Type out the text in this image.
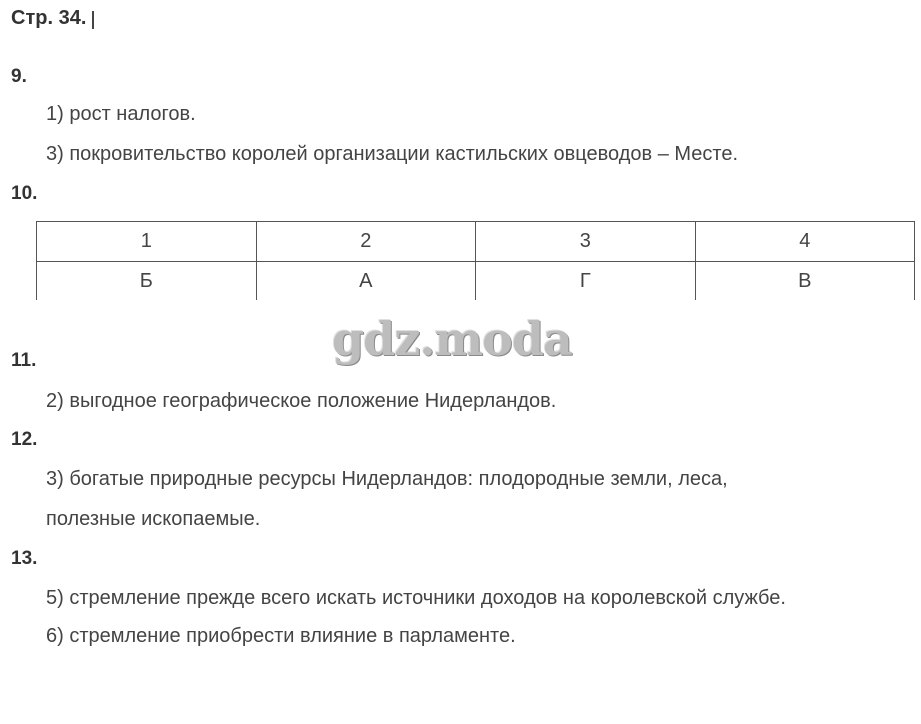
Стр. 34.
9.
1) рост налогов.
3) покровительство королей организации кастильских овцеводов – Месте.
10.
1	2	3	4
Б	А	Г	В
gdz.moda
11.
2) выгодное географическое положение Нидерландов.
12.
3) богатые природные ресурсы Нидерландов: плодородные земли, леса,
полезные ископаемые.
13.
5) стремление прежде всего искать источники доходов на королевской службе.
6) стремление приобрести влияние в парламенте.
